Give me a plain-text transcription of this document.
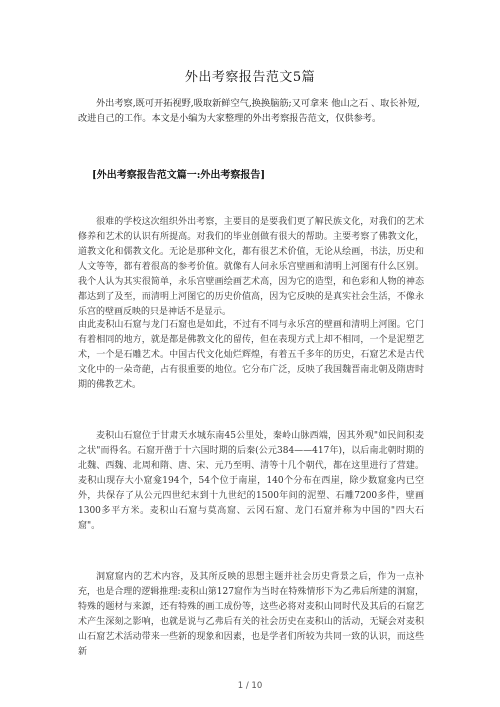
外出考察报告范文5篇
外出考察,既可开拓视野,吸取新鲜空气,换换脑筋;又可拿来 他山之石 、取长补短,改进自己的工作。本文是小编为大家整理的外出考察报告范文，仅供参考。
[外出考察报告范文篇一:外出考察报告]
很难的学校这次组织外出考察，主要目的是要我们更了解民族文化，对我们的艺术修养和艺术的认识有所提高。对我们的毕业创做有很大的帮助。主要考察了佛教文化，道教文化和儒教文化。无论是那种文化，都有很艺术价值，无论从绘画，书法，历史和人文等等，都有着很高的参考价值。就像有人问永乐宫壁画和清明上河图有什么区别。我个人认为其实很简单，永乐宫壁画绘画艺术高，因为它的造型，和色彩和人物的神态都达到了及至，而清明上河图它的历史价值高，因为它反映的是真实社会生活，不像永乐宫的壁画反映的只是神话不是显示。
由此麦积山石窟与龙门石窟也是如此，不过有不同与永乐宫的壁画和清明上河图。它门有着相同的地方，就是都是佛教文化的留传，但在表现方式上却不相同，一个是泥塑艺术，一个是石雕艺术。中国古代文化灿烂辉煌，有着五千多年的历史，石窟艺术是古代文化中的一朵奇葩，占有很重要的地位。它分布广泛，反映了我国魏晋南北朝及隋唐时期的佛教艺术。
麦积山石窟位于甘肃天水城东南45公里处，秦岭山脉西端，因其外观"如民间积麦之状"而得名。石窟开凿于十六国时期的后秦(公元384——417年)，以后南北朝时期的北魏、西魏、北周和隋、唐、宋、元乃至明、清等十几个朝代，都在这里进行了营建。麦积山现存大小窟龛194个，54个位于南崖，140个分布在西崖，除少数窟龛内已空外，共保存了从公元四世纪末到十九世纪的1500年间的泥塑、石雕7200多件，壁画1300多平方米。麦积山石窟与莫高窟、云冈石窟、龙门石窟并称为中国的"四大石窟"。
洞窟窟内的艺术内容，及其所反映的思想主题并社会历史背景之后，作为一点补充，也是合理的逻辑推理:麦积山第127窟作为当时在特殊情形下为乙弗后所建的洞窟，特殊的题材与来源，还有特殊的画工成份等，这些必将对麦积山同时代及其后的石窟艺术产生深刻之影响，也就是说与乙弗后有关的社会历史在麦积山的活动，无疑会对麦积山石窟艺术活动带来一些新的现象和因素，也是学者们所较为共同一致的认识，而这些新
1 / 10
